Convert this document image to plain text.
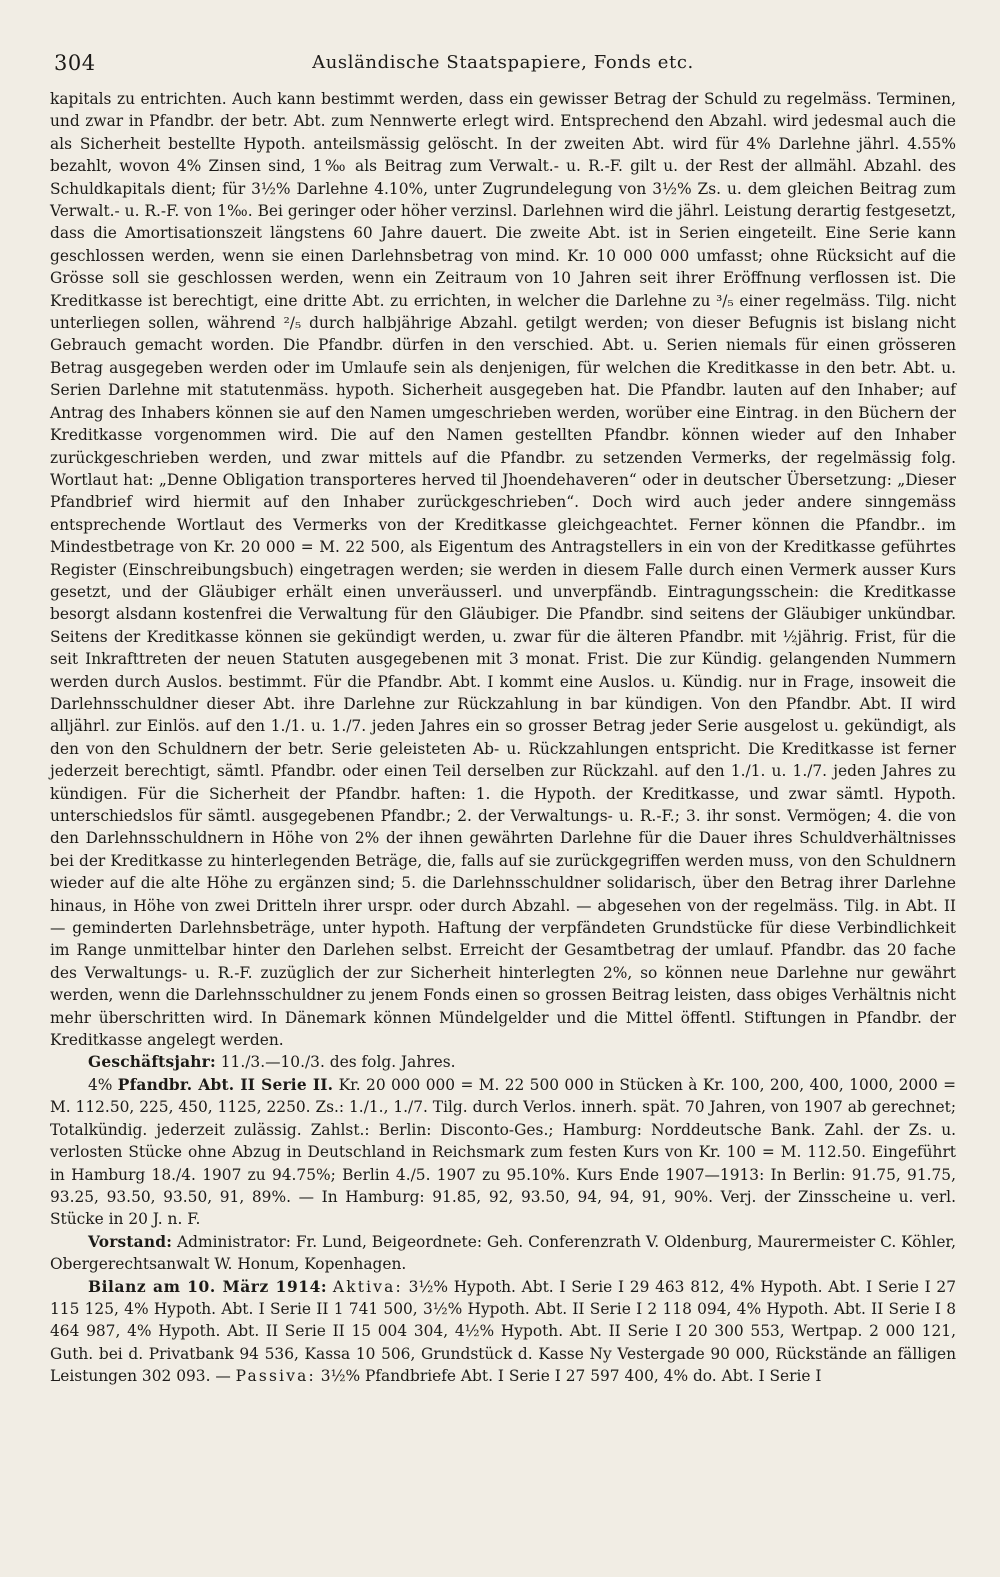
304	Ausländische Staatspapiere, Fonds etc.

kapitals zu entrichten. Auch kann bestimmt werden, dass ein gewisser Betrag der Schuld zu regelmäss. Terminen, und zwar in Pfandbr. der betr. Abt. zum Nennwerte erlegt wird. Entsprechend den Abzahl. wird jedesmal auch die als Sicherheit bestellte Hypoth. anteilsmässig gelöscht. In der zweiten Abt. wird für 4% Darlehne jährl. 4.55% bezahlt, wovon 4% Zinsen sind, 1‰ als Beitrag zum Verwalt.- u. R.-F. gilt u. der Rest der allmähl. Abzahl. des Schuldkapitals dient; für 3½% Darlehne 4.10%, unter Zugrundelegung von 3½% Zs. u. dem gleichen Beitrag zum Verwalt.- u. R.-F. von 1‰. Bei geringer oder höher verzinsl. Darlehnen wird die jährl. Leistung derartig festgesetzt, dass die Amortisationszeit längstens 60 Jahre dauert. Die zweite Abt. ist in Serien eingeteilt. Eine Serie kann geschlossen werden, wenn sie einen Darlehnsbetrag von mind. Kr. 10 000 000 umfasst; ohne Rücksicht auf die Grösse soll sie geschlossen werden, wenn ein Zeitraum von 10 Jahren seit ihrer Eröffnung verflossen ist. Die Kreditkasse ist berechtigt, eine dritte Abt. zu errichten, in welcher die Darlehne zu ³/₅ einer regelmäss. Tilg. nicht unterliegen sollen, während ²/₅ durch halbjährige Abzahl. getilgt werden; von dieser Befugnis ist bislang nicht Gebrauch gemacht worden. Die Pfandbr. dürfen in den verschied. Abt. u. Serien niemals für einen grösseren Betrag ausgegeben werden oder im Umlaufe sein als denjenigen, für welchen die Kreditkasse in den betr. Abt. u. Serien Darlehne mit statutenmäss. hypoth. Sicherheit ausgegeben hat. Die Pfandbr. lauten auf den Inhaber; auf Antrag des Inhabers können sie auf den Namen umgeschrieben werden, worüber eine Eintrag. in den Büchern der Kreditkasse vorgenommen wird. Die auf den Namen gestellten Pfandbr. können wieder auf den Inhaber zurückgeschrieben werden, und zwar mittels auf die Pfandbr. zu setzenden Vermerks, der regelmässig folg. Wortlaut hat: „Denne Obligation transporteres herved til Jhoendehaveren“ oder in deutscher Übersetzung: „Dieser Pfandbrief wird hiermit auf den Inhaber zurückgeschrieben“. Doch wird auch jeder andere sinngemäss entsprechende Wortlaut des Vermerks von der Kreditkasse gleichgeachtet. Ferner können die Pfandbr.. im Mindestbetrage von Kr. 20 000 = M. 22 500, als Eigentum des Antragstellers in ein von der Kreditkasse geführtes Register (Einschreibungsbuch) eingetragen werden; sie werden in diesem Falle durch einen Vermerk ausser Kurs gesetzt, und der Gläubiger erhält einen unveräusserl. und unverpfändb. Eintragungsschein: die Kreditkasse besorgt alsdann kostenfrei die Verwaltung für den Gläubiger. Die Pfandbr. sind seitens der Gläubiger unkündbar. Seitens der Kreditkasse können sie gekündigt werden, u. zwar für die älteren Pfandbr. mit ½jährig. Frist, für die seit Inkrafttreten der neuen Statuten ausgegebenen mit 3 monat. Frist. Die zur Kündig. gelangenden Nummern werden durch Auslos. bestimmt. Für die Pfandbr. Abt. I kommt eine Auslos. u. Kündig. nur in Frage, insoweit die Darlehnsschuldner dieser Abt. ihre Darlehne zur Rückzahlung in bar kündigen. Von den Pfandbr. Abt. II wird alljährl. zur Einlös. auf den 1./1. u. 1./7. jeden Jahres ein so grosser Betrag jeder Serie ausgelost u. gekündigt, als den von den Schuldnern der betr. Serie geleisteten Ab- u. Rückzahlungen entspricht. Die Kreditkasse ist ferner jederzeit berechtigt, sämtl. Pfandbr. oder einen Teil derselben zur Rückzahl. auf den 1./1. u. 1./7. jeden Jahres zu kündigen. Für die Sicherheit der Pfandbr. haften: 1. die Hypoth. der Kreditkasse, und zwar sämtl. Hypoth. unterschiedslos für sämtl. ausgegebenen Pfandbr.; 2. der Verwaltungs- u. R.-F.; 3. ihr sonst. Vermögen; 4. die von den Darlehnsschuldnern in Höhe von 2% der ihnen gewährten Darlehne für die Dauer ihres Schuldverhältnisses bei der Kreditkasse zu hinterlegenden Beträge, die, falls auf sie zurückgegriffen werden muss, von den Schuldnern wieder auf die alte Höhe zu ergänzen sind; 5. die Darlehnsschuldner solidarisch, über den Betrag ihrer Darlehne hinaus, in Höhe von zwei Dritteln ihrer urspr. oder durch Abzahl. — abgesehen von der regelmäss. Tilg. in Abt. II — geminderten Darlehnsbeträge, unter hypoth. Haftung der verpfändeten Grundstücke für diese Verbindlichkeit im Range unmittelbar hinter den Darlehen selbst. Erreicht der Gesamtbetrag der umlauf. Pfandbr. das 20 fache des Verwaltungs- u. R.-F. zuzüglich der zur Sicherheit hinterlegten 2%, so können neue Darlehne nur gewährt werden, wenn die Darlehnsschuldner zu jenem Fonds einen so grossen Beitrag leisten, dass obiges Verhältnis nicht mehr überschritten wird. In Dänemark können Mündelgelder und die Mittel öffentl. Stiftungen in Pfandbr. der Kreditkasse angelegt werden.

Geschäftsjahr: 11./3.—10./3. des folg. Jahres.

4% Pfandbr. Abt. II Serie II. Kr. 20 000 000 = M. 22 500 000 in Stücken à Kr. 100, 200, 400, 1000, 2000 = M. 112.50, 225, 450, 1125, 2250. Zs.: 1./1., 1./7. Tilg. durch Verlos. innerh. spät. 70 Jahren, von 1907 ab gerechnet; Totalkündig. jederzeit zulässig. Zahlst.: Berlin: Disconto-Ges.; Hamburg: Norddeutsche Bank. Zahl. der Zs. u. verlosten Stücke ohne Abzug in Deutschland in Reichsmark zum festen Kurs von Kr. 100 = M. 112.50. Eingeführt in Hamburg 18./4. 1907 zu 94.75%; Berlin 4./5. 1907 zu 95.10%. Kurs Ende 1907—1913: In Berlin: 91.75, 91.75, 93.25, 93.50, 93.50, 91, 89%. — In Hamburg: 91.85, 92, 93.50, 94, 94, 91, 90%. Verj. der Zinsscheine u. verl. Stücke in 20 J. n. F.

Vorstand: Administrator: Fr. Lund, Beigeordnete: Geh. Conferenzrath V. Oldenburg, Maurermeister C. Köhler, Obergerechtsanwalt W. Honum, Kopenhagen.

Bilanz am 10. März 1914: Aktiva: 3½% Hypoth. Abt. I Serie I 29 463 812, 4% Hypoth. Abt. I Serie I 27 115 125, 4% Hypoth. Abt. I Serie II 1 741 500, 3½% Hypoth. Abt. II Serie I 2 118 094, 4% Hypoth. Abt. II Serie I 8 464 987, 4% Hypoth. Abt. II Serie II 15 004 304, 4½% Hypoth. Abt. II Serie I 20 300 553, Wertpap. 2 000 121, Guth. bei d. Privatbank 94 536, Kassa 10 506, Grundstück d. Kasse Ny Vestergade 90 000, Rückstände an fälligen Leistungen 302 093. — Passiva: 3½% Pfandbriefe Abt. I Serie I 27 597 400, 4% do. Abt. I Serie I
